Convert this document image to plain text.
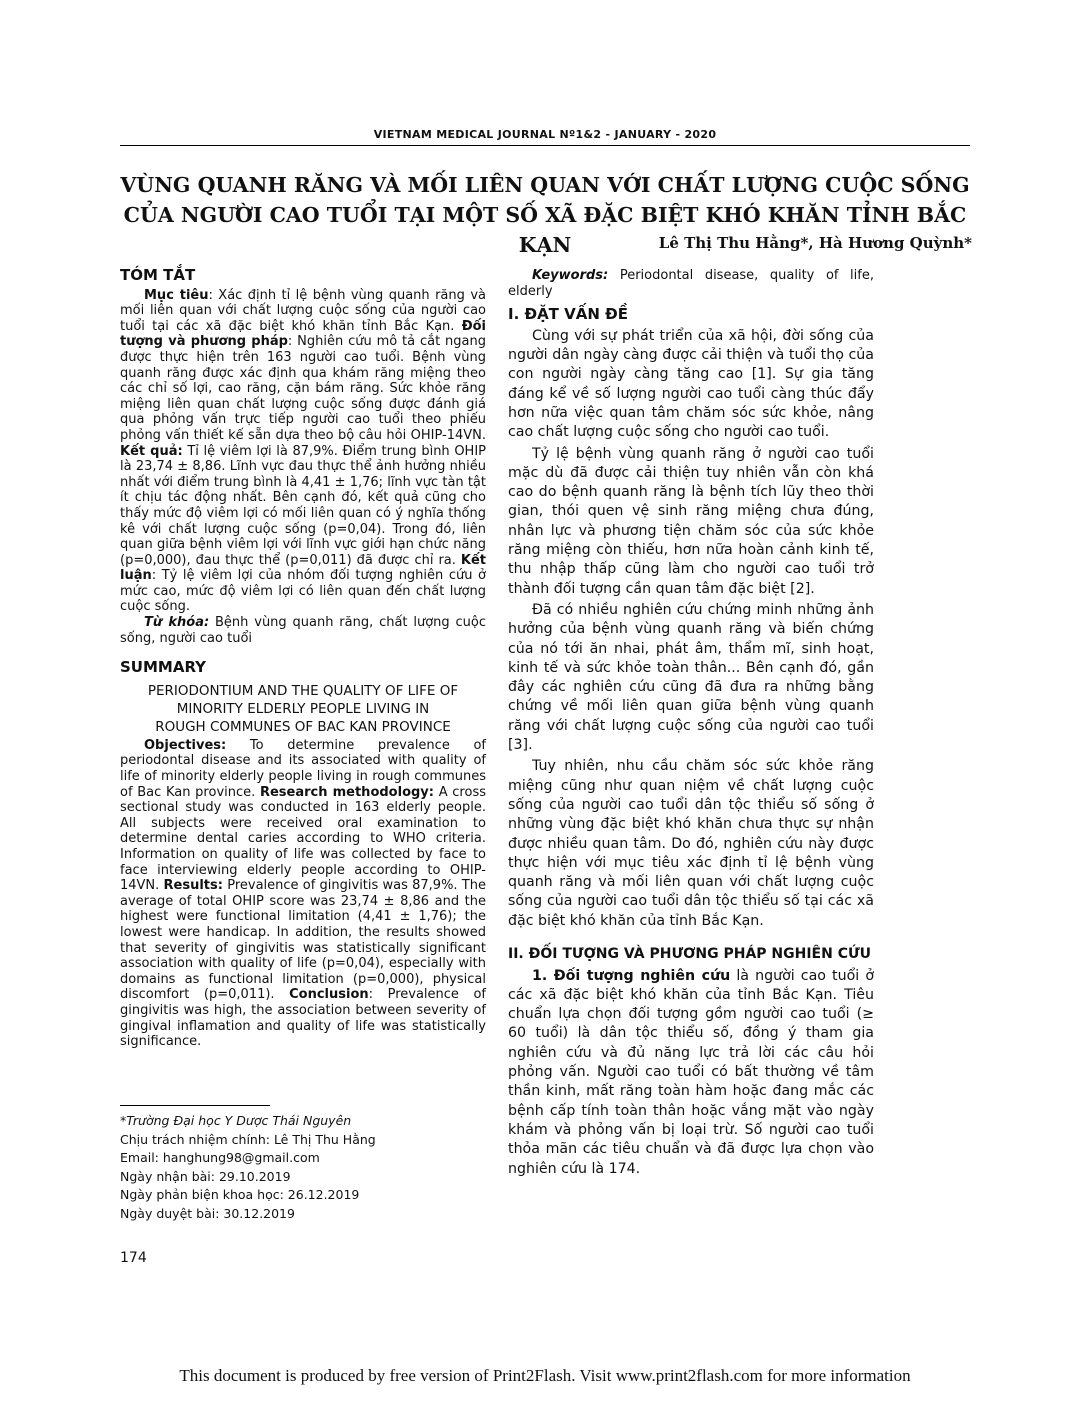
VIETNAM MEDICAL JOURNAL Nº1&2 - JANUARY - 2020
VÙNG QUANH RĂNG VÀ MỐI LIÊN QUAN VỚI CHẤT LƯỢNG CUỘC SỐNG
CỦA NGƯỜI CAO TUỔI TẠI MỘT SỐ XÃ ĐẶC BIỆT KHÓ KHĂN TỈNH BẮC KẠN	Lê Thị Thu Hằng*, Hà Hương Quỳnh*
TÓM TẮT

Mục tiêu: Xác định tỉ lệ bệnh vùng quanh răng và mối liên quan với chất lượng cuộc sống của người cao tuổi tại các xã đặc biệt khó khăn tỉnh Bắc Kạn. Đối tượng và phương pháp: Nghiên cứu mô tả cắt ngang được thực hiện trên 163 người cao tuổi. Bệnh vùng quanh răng được xác định qua khám răng miệng theo các chỉ số lợi, cao răng, cặn bám răng. Sức khỏe răng miệng liên quan chất lượng cuộc sống được đánh giá qua phỏng vấn trực tiếp người cao tuổi theo phiếu phỏng vấn thiết kế sẵn dựa theo bộ câu hỏi OHIP-14VN. Kết quả: Tỉ lệ viêm lợi là 87,9%. Điểm trung bình OHIP là 23,74 ± 8,86. Lĩnh vực đau thực thể ảnh hưởng nhiều nhất với điểm trung bình là 4,41 ± 1,76; lĩnh vực tàn tật ít chịu tác động nhất. Bên cạnh đó, kết quả cũng cho thấy mức độ viêm lợi có mối liên quan có ý nghĩa thống kê với chất lượng cuộc sống (p=0,04). Trong đó, liên quan giữa bệnh viêm lợi với lĩnh vực giới hạn chức năng (p=0,000), đau thực thể (p=0,011) đã được chỉ ra. Kết luận: Tỷ lệ viêm lợi của nhóm đối tượng nghiên cứu ở mức cao, mức độ viêm lợi có liên quan đến chất lượng cuộc sống.

Từ khóa: Bệnh vùng quanh răng, chất lượng cuộc sống, người cao tuổi

SUMMARY
PERIODONTIUM AND THE QUALITY OF LIFE OF
MINORITY ELDERLY PEOPLE LIVING IN
ROUGH COMMUNES OF BAC KAN PROVINCE

Objectives: To determine prevalence of periodontal disease and its associated with quality of life of minority elderly people living in rough communes of Bac Kan province. Research methodology: A cross sectional study was conducted in 163 elderly people. All subjects were received oral examination to determine dental caries according to WHO criteria. Information on quality of life was collected by face to face interviewing elderly people according to OHIP-14VN. Results: Prevalence of gingivitis was 87,9%. The average of total OHIP score was 23,74 ± 8,86 and the highest were functional limitation (4,41 ± 1,76); the lowest were handicap. In addition, the results showed that severity of gingivitis was statistically significant association with quality of life (p=0,04), especially with domains as functional limitation (p=0,000), physical discomfort (p=0,011). Conclusion: Prevalence of gingivitis was high, the association between severity of gingival inflamation and quality of life was statistically significance.

Keywords: Periodontal disease, quality of life, elderly

I. ĐẶT VẤN ĐỀ

Cùng với sự phát triển của xã hội, đời sống của người dân ngày càng được cải thiện và tuổi thọ của con người ngày càng tăng cao [1]. Sự gia tăng đáng kể về số lượng người cao tuổi càng thúc đẩy hơn nữa việc quan tâm chăm sóc sức khỏe, nâng cao chất lượng cuộc sống cho người cao tuổi.

Tỷ lệ bệnh vùng quanh răng ở người cao tuổi mặc dù đã được cải thiện tuy nhiên vẫn còn khá cao do bệnh quanh răng là bệnh tích lũy theo thời gian, thói quen vệ sinh răng miệng chưa đúng, nhân lực và phương tiện chăm sóc của sức khỏe răng miệng còn thiếu, hơn nữa hoàn cảnh kinh tế, thu nhập thấp cũng làm cho người cao tuổi trở thành đối tượng cần quan tâm đặc biệt [2].

Đã có nhiều nghiên cứu chứng minh những ảnh hưởng của bệnh vùng quanh răng và biến chứng của nó tới ăn nhai, phát âm, thẩm mĩ, sinh hoạt, kinh tế và sức khỏe toàn thân... Bên cạnh đó, gần đây các nghiên cứu cũng đã đưa ra những bằng chứng về mối liên quan giữa bệnh vùng quanh răng với chất lượng cuộc sống của người cao tuổi [3].

Tuy nhiên, nhu cầu chăm sóc sức khỏe răng miệng cũng như quan niệm về chất lượng cuộc sống của người cao tuổi dân tộc thiểu số sống ở những vùng đặc biệt khó khăn chưa thực sự nhận được nhiều quan tâm. Do đó, nghiên cứu này được thực hiện với mục tiêu xác định tỉ lệ bệnh vùng quanh răng và mối liên quan với chất lượng cuộc sống của người cao tuổi dân tộc thiểu số tại các xã đặc biệt khó khăn của tỉnh Bắc Kạn.

II. ĐỐI TƯỢNG VÀ PHƯƠNG PHÁP NGHIÊN CỨU

1. Đối tượng nghiên cứu là người cao tuổi ở các xã đặc biệt khó khăn của tỉnh Bắc Kạn. Tiêu chuẩn lựa chọn đối tượng gồm người cao tuổi (≥ 60 tuổi) là dân tộc thiểu số, đồng ý tham gia nghiên cứu và đủ năng lực trả lời các câu hỏi phỏng vấn. Người cao tuổi có bất thường về tâm thần kinh, mất răng toàn hàm hoặc đang mắc các bệnh cấp tính toàn thân hoặc vắng mặt vào ngày khám và phỏng vấn bị loại trừ. Số người cao tuổi thỏa mãn các tiêu chuẩn và đã được lựa chọn vào nghiên cứu là 174.

*Trường Đại học Y Dược Thái Nguyên
Chịu trách nhiệm chính: Lê Thị Thu Hằng
Email: hanghung98@gmail.com
Ngày nhận bài: 29.10.2019
Ngày phản biện khoa học: 26.12.2019
Ngày duyệt bài: 30.12.2019
174
This document is produced by free version of Print2Flash. Visit www.print2flash.com for more information
